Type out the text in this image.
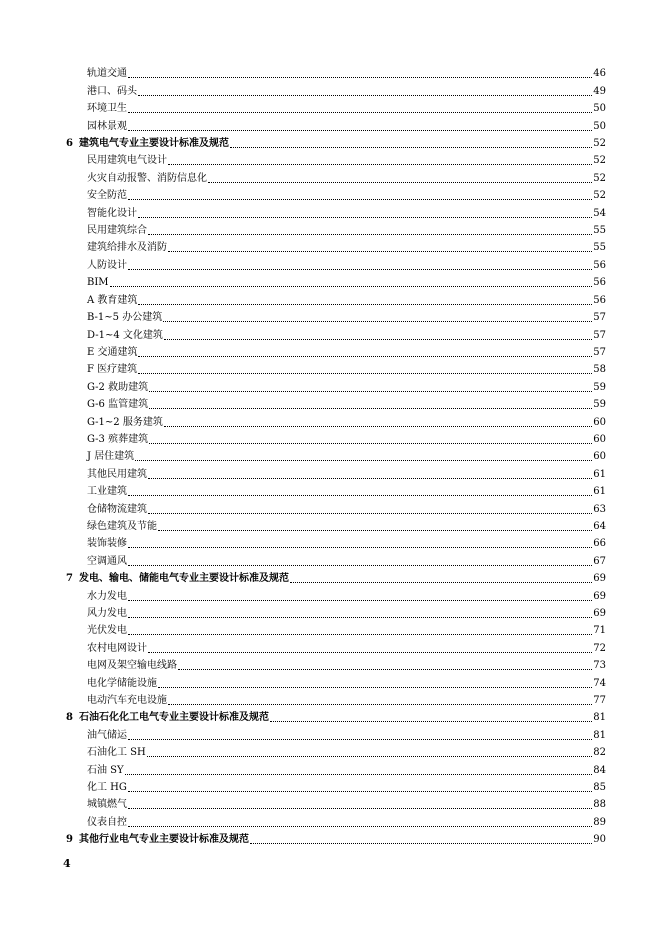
轨道交通	46
港口、码头	49
环境卫生	50
园林景观	50
6 建筑电气专业主要设计标准及规范	52
民用建筑电气设计	52
火灾自动报警、消防信息化	52
安全防范	52
智能化设计	54
民用建筑综合	55
建筑给排水及消防	55
人防设计	56
BIM	56
A 教育建筑	56
B-1~5 办公建筑	57
D-1~4 文化建筑	57
E 交通建筑	57
F 医疗建筑	58
G-2 救助建筑	59
G-6 监管建筑	59
G-1~2 服务建筑	60
G-3 殡葬建筑	60
J 居住建筑	60
其他民用建筑	61
工业建筑	61
仓储物流建筑	63
绿色建筑及节能	64
装饰装修	66
空调通风	67
7 发电、输电、储能电气专业主要设计标准及规范	69
水力发电	69
风力发电	69
光伏发电	71
农村电网设计	72
电网及架空输电线路	73
电化学储能设施	74
电动汽车充电设施	77
8 石油石化化工电气专业主要设计标准及规范	81
油气储运	81
石油化工 SH	82
石油 SY	84
化工 HG	85
城镇燃气	88
仪表自控	89
9 其他行业电气专业主要设计标准及规范	90
4
